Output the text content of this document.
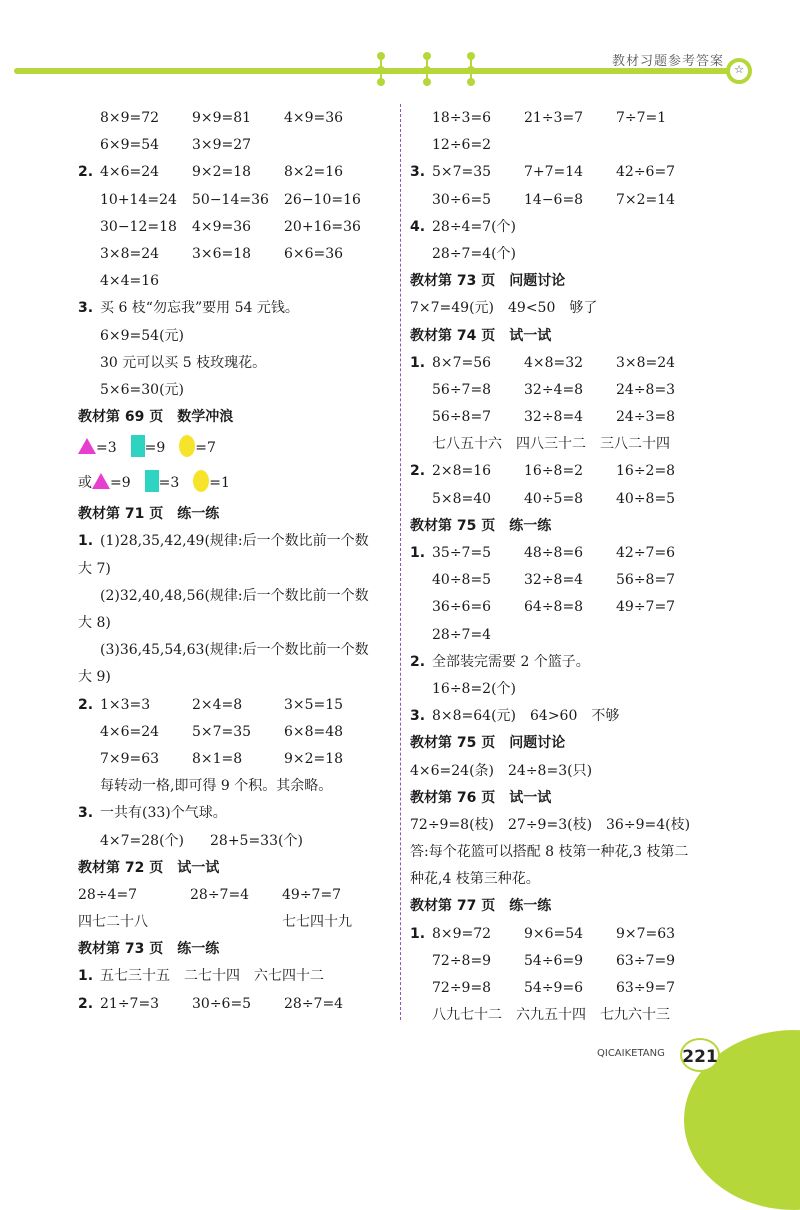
教材习题参考答案
☆
8×9=72 9×9=81 4×9=36
6×9=54 3×9=27
2. 4×6=24 9×2=18 8×2=16
10+14=24 50−14=36 26−10=16
30−12=18 4×9=36 20+16=36
3×8=24 3×6=18 6×6=36
4×4=16
3. 买 6 枝“勿忘我”要用 54 元钱。
6×9=54(元)
30 元可以买 5 枝玫瑰花。
5×6=30(元)
教材第 69 页　数学冲浪
=3 =9 =7
或 =9 =3 =1
教材第 71 页　练一练
1. (1)28,35,42,49(规律:后一个数比前一个数
大 7)
(2)32,40,48,56(规律:后一个数比前一个数
大 8)
(3)36,45,54,63(规律:后一个数比前一个数
大 9)
2. 1×3=3	2×4=8	3×5=15
4×6=24 5×7=35 6×8=48
7×9=63 8×1=8	9×2=18
每转动一格,即可得 9 个积。其余略。
3. 一共有(33)个气球。
4×7=28(个) 28+5=33(个)
教材第 72 页　试一试
28÷4=7	28÷7=4 49÷7=7
四七二十八	七七四十九
教材第 73 页　练一练
1. 五七三十五　二七十四　六七四十二
2. 21÷7=3 30÷6=5 28÷7=4
18÷3=6 21÷3=7 7÷7=1
12÷6=2
3. 5×7=35 7+7=14 42÷6=7
30÷6=5 14−6=8 7×2=14
4. 28÷4=7(个)
28÷7=4(个)
教材第 73 页　问题讨论
7×7=49(元)　49<50　够了
教材第 74 页　试一试
1. 8×7=56 4×8=32 3×8=24
56÷7=8 32÷4=8 24÷8=3
56÷8=7 32÷8=4 24÷3=8
七八五十六　四八三十二　三八二十四
2. 2×8=16 16÷8=2 16÷2=8
5×8=40 40÷5=8 40÷8=5
教材第 75 页　练一练
1. 35÷7=5 48÷8=6 42÷7=6
40÷8=5 32÷8=4 56÷8=7
36÷6=6 64÷8=8 49÷7=7
28÷7=4
2. 全部装完需要 2 个篮子。
16÷8=2(个)
3. 8×8=64(元)　64>60　不够
教材第 75 页　问题讨论
4×6=24(条)　24÷8=3(只)
教材第 76 页　试一试
72÷9=8(枝)　27÷9=3(枝)　36÷9=4(枝)
答:每个花篮可以搭配 8 枝第一种花,3 枝第二
种花,4 枝第三种花。
教材第 77 页　练一练
1. 8×9=72 9×6=54 9×7=63
72÷8=9 54÷6=9 63÷7=9
72÷9=8 54÷9=6 63÷9=7
八九七十二　六九五十四　七九六十三
QICAIKETANG 221
